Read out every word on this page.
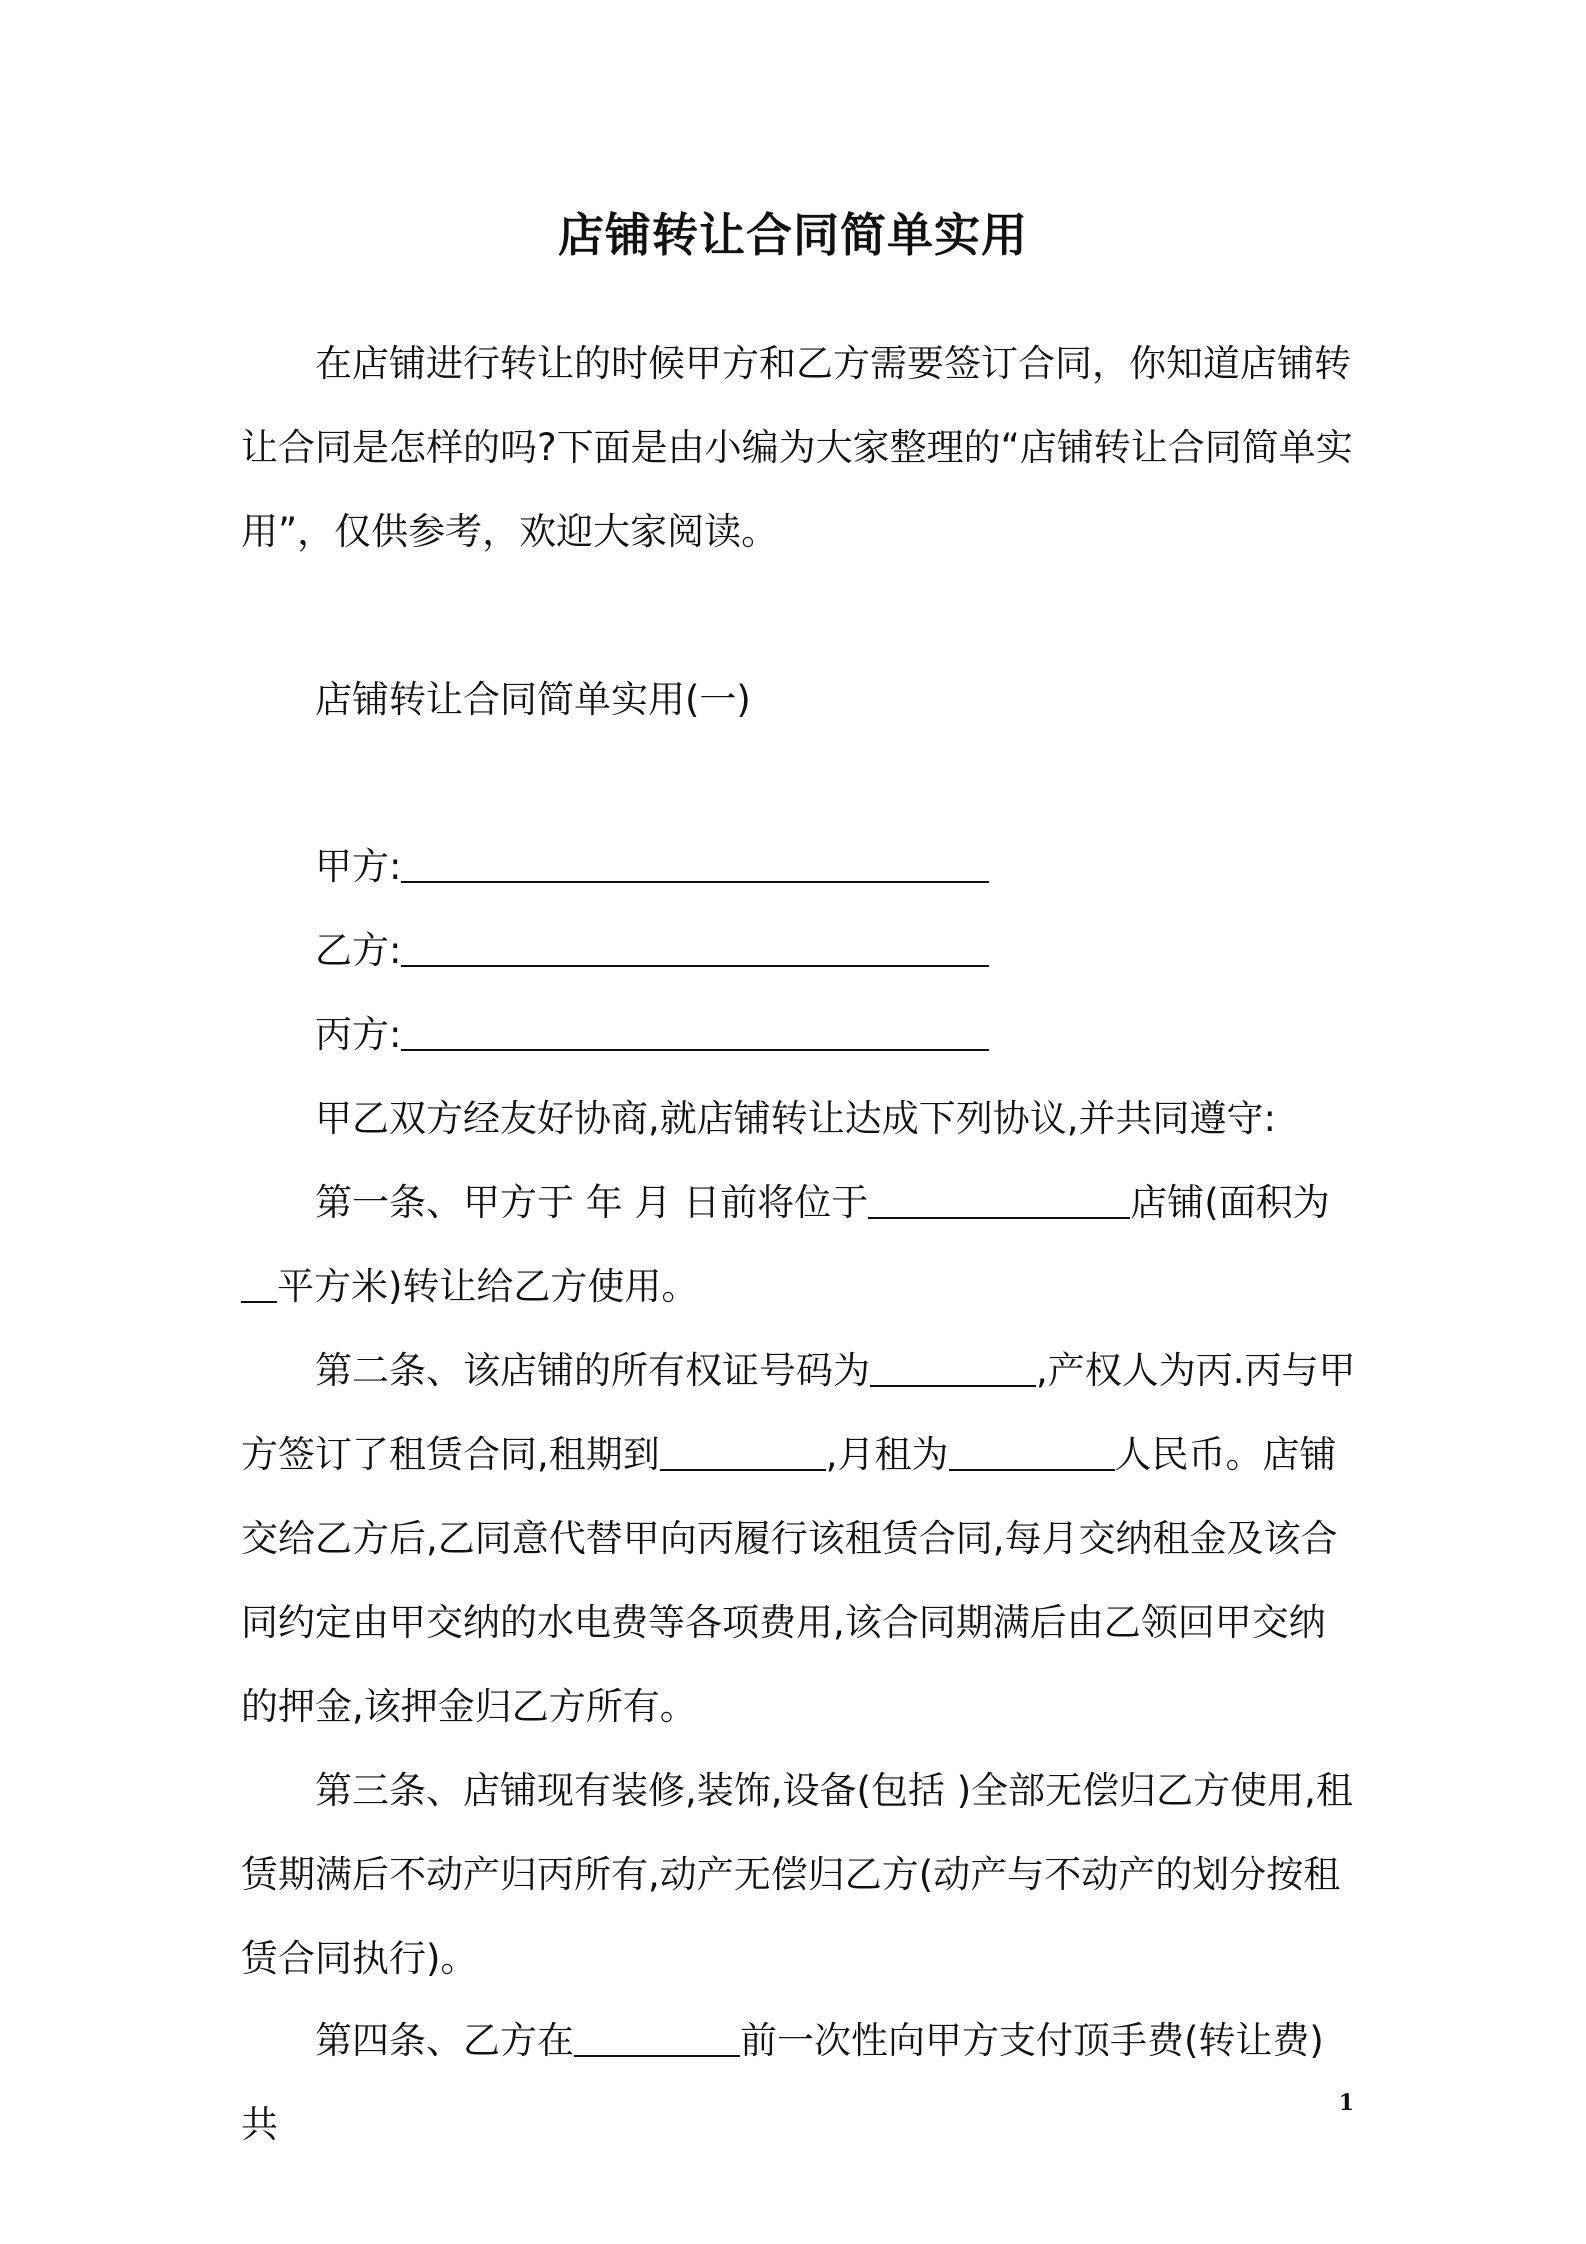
店铺转让合同简单实用

在店铺进行转让的时候甲方和乙方需要签订合同，你知道店铺转让合同是怎样的吗?下面是由小编为大家整理的“店铺转让合同简单实用”，仅供参考，欢迎大家阅读。

店铺转让合同简单实用(一)
甲方:
乙方:
丙方:
甲乙双方经友好协商,就店铺转让达成下列协议,并共同遵守:

第一条、甲方于 年 月 日前将位于	店铺(面积为平方米)转让给乙方使用。

第二条、该店铺的所有权证号码为	,产权人为丙.丙与甲方签订了租赁合同,租期到	,月租为	人民币。店铺交给乙方后,乙同意代替甲向丙履行该租赁合同,每月交纳租金及该合同约定由甲交纳的水电费等各项费用,该合同期满后由乙领回甲交纳的押金,该押金归乙方所有。

第三条、店铺现有装修,装饰,设备(包括 )全部无偿归乙方使用,租赁期满后不动产归丙所有,动产无偿归乙方(动产与不动产的划分按租赁合同执行)。

第四条、乙方在	前一次性向甲方支付顶手费(转让费)共	1
